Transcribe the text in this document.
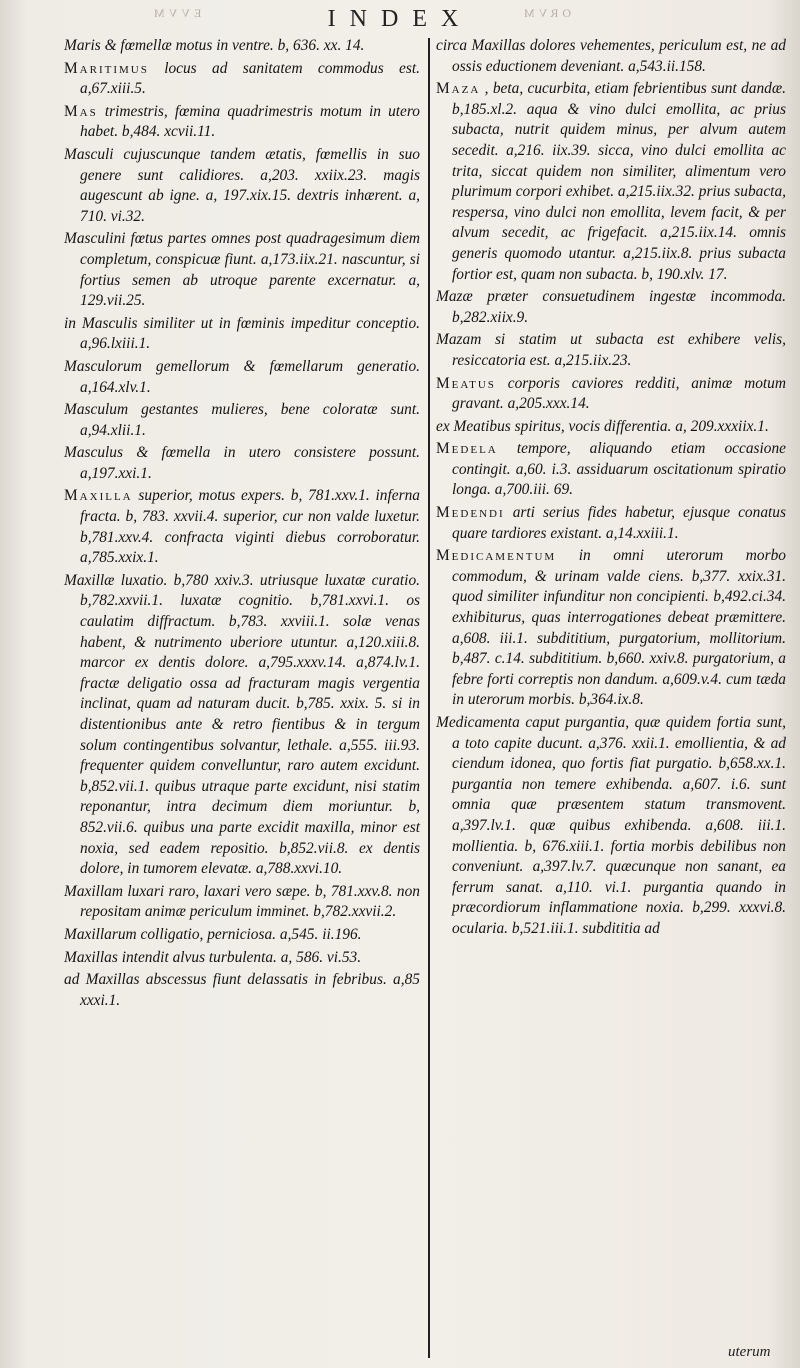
EVVM	INDEX	ORVM
Maris & fœmellæ motus in ventre. b, 636. xx. 14.
Maritimus locus ad sanitatem commodus est. a,67.xiii.5.
Mas trimestris, fœmina quadrimestris motum in utero habet. b,484. xcvii.11.
Masculi cujuscunque tandem ætatis, fœmellis in suo genere sunt calidiores. a,203. xxiix.23. magis augescunt ab igne. a, 197.xix.15. dextris inhærent. a, 710. vi.32.
Masculini fœtus partes omnes post quadragesimum diem completum, conspicuæ fiunt. a,173.iix.21. nascuntur, si fortius semen ab utroque parente excernatur. a, 129.vii.25.
in Masculis similiter ut in fœminis impeditur conceptio. a,96.lxiii.1.
Masculorum gemellorum & fœmellarum generatio. a,164.xlv.1.
Masculum gestantes mulieres, bene coloratæ sunt. a,94.xlii.1.
Masculus & fœmella in utero consistere possunt. a,197.xxi.1.
Maxilla superior, motus expers. b, 781.xxv.1. inferna fracta. b, 783. xxvii.4. superior, cur non valde luxetur. b,781.xxv.4. confracta viginti diebus corroboratur. a,785.xxix.1.
Maxillæ luxatio. b,780 xxiv.3. utriusque luxatæ curatio. b,782.xxvii.1. luxatæ cognitio. b,781.xxvi.1. os caulatim diffractum. b,783. xxviii.1. solæ venas habent, & nutrimento uberiore utuntur. a,120.xiii.8. marcor ex dentis dolore. a,795.xxxv.14. a,874.lv.1. fractæ deligatio ossa ad fracturam magis vergentia inclinat, quam ad naturam ducit. b,785. xxix. 5. si in distentionibus ante & retro fientibus & in tergum solum contingentibus solvantur, lethale. a,555. iii.93. frequenter quidem convelluntur, raro autem excidunt. b,852.vii.1. quibus utraque parte excidunt, nisi statim reponantur, intra decimum diem moriuntur. b, 852.vii.6. quibus una parte excidit maxilla, minor est noxia, sed eadem repositio. b,852.vii.8. ex dentis dolore, in tumorem elevatæ. a,788.xxvi.10.
Maxillam luxari raro, laxari vero sæpe. b, 781.xxv.8. non repositam animæ periculum imminet. b,782.xxvii.2.
Maxillarum colligatio, perniciosa. a,545. ii.196.
Maxillas intendit alvus turbulenta. a, 586. vi.53.
ad Maxillas abscessus fiunt delassatis in febribus. a,85 xxxi.1.
circa Maxillas dolores vehementes, periculum est, ne ad ossis eductionem deveniant. a,543.ii.158.
Maza , beta, cucurbita, etiam febrientibus sunt dandæ. b,185.xl.2. aqua & vino dulci emollita, ac prius subacta, nutrit quidem minus, per alvum autem secedit. a,216. iix.39. sicca, vino dulci emollita ac trita, siccat quidem non similiter, alimentum vero plurimum corpori exhibet. a,215.iix.32. prius subacta, respersa, vino dulci non emollita, levem facit, & per alvum secedit, ac frigefacit. a,215.iix.14. omnis generis quomodo utantur. a,215.iix.8. prius subacta fortior est, quam non subacta. b, 190.xlv. 17.
Mazæ præter consuetudinem ingestæ incommoda. b,282.xiix.9.
Mazam si statim ut subacta est exhibere velis, resiccatoria est. a,215.iix.23.
Meatus corporis caviores redditi, animæ motum gravant. a,205.xxx.14.
ex Meatibus spiritus, vocis differentia. a, 209.xxxiix.1.
Medela tempore, aliquando etiam occasione contingit. a,60. i.3. assiduarum oscitationum spiratio longa. a,700.iii. 69.
Medendi arti serius fides habetur, ejusque conatus quare tardiores existant. a,14.xxiii.1.
Medicamentum in omni uterorum morbo commodum, & urinam valde ciens. b,377. xxix.31. quod similiter infunditur non concipienti. b,492.ci.34. exhibiturus, quas interrogationes debeat præmittere. a,608. iii.1. subdititium, purgatorium, mollitorium. b,487. c.14. subdititium. b,660. xxiv.8. purgatorium, a febre forti correptis non dandum. a,609.v.4. cum tæda in uterorum morbis. b,364.ix.8.
Medicamenta caput purgantia, quæ quidem fortia sunt, a toto capite ducunt. a,376. xxii.1. emollientia, & ad ciendum idonea, quo fortis fiat purgatio. b,658.xx.1. purgantia non temere exhibenda. a,607. i.6. sunt omnia quæ præsentem statum transmovent. a,397.lv.1. quæ quibus exhibenda. a,608. iii.1. mollientia. b, 676.xiii.1. fortia morbis debilibus non conveniunt. a,397.lv.7. quæcunque non sanant, ea ferrum sanat. a,110. vi.1. purgantia quando in præcordiorum inflammatione noxia. b,299. xxxvi.8. ocularia. b,521.iii.1. subdititia ad
uterum
